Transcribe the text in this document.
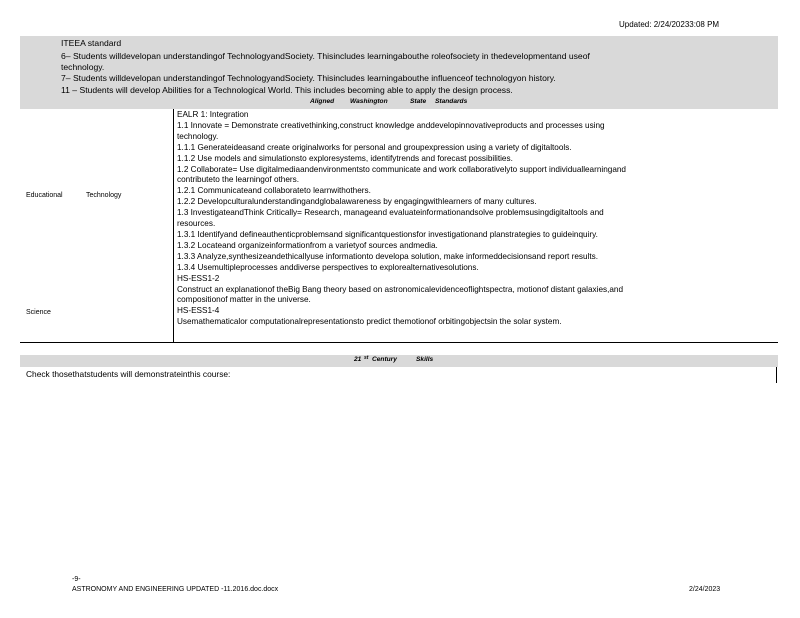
Updated: 2/24/20233:08 PM
ITEEA standard
6– Students willdevelopan understandingof TechnologyandSociety. Thisincludes learningabouthe roleofsociety in thedevelopmentand useof
technology.
7– Students willdevelopan understandingof TechnologyandSociety. Thisincludes learningabouthe influenceof technologyon history.
11 – Students will develop Abilities for a Technological World. This includes becoming able to apply the design process.
Aligned Washington	State Standards
Educational	Technology
Science
EALR 1: Integration
1.1 Innovate = Demonstrate creativethinking,construct knowledge anddevelopinnovativeproducts and processes using
technology.
1.1.1 Generateideasand create originalworks for personal and groupexpression using a variety of digitaltools.
1.1.2 Use models and simulationsto exploresystems, identifytrends and forecast possibilities.
1.2 Collaborate= Use digitalmediaandenvironmentsto communicate and work collaborativelyto support individuallearningand
contributeto the learningof others.
1.2.1 Communicateand collaborateto learnwithothers.
1.2.2 Developculturalunderstandingandglobalawareness by engagingwithlearners of many cultures.
1.3 InvestigateandThink Critically= Research, manageand evaluateinformationandsolve problemsusingdigitaltools and
resources.
1.3.1 Identifyand defineauthenticproblemsand significantquestionsfor investigationand planstrategies to guideinquiry.
1.3.2 Locateand organizeinformationfrom a varietyof sources andmedia.
1.3.3 Analyze,synthesizeandethicallyuse informationto developa solution, make informeddecisionsand report results.
1.3.4 Usemultipleprocesses anddiverse perspectives to explorealternativesolutions.
HS-ESS1-2
Construct an explanationof theBig Bang theory based on astronomicalevidenceoflightspectra, motionof distant galaxies,and
compositionof matter in the universe.
HS-ESS1-4
Usemathematicalor computationalrepresentationsto predict themotionof orbitingobjectsin the solar system.
21 st Century	Skills
Check thosethatstudents will demonstrateinthis course:
-9-
ASTRONOMY AND ENGINEERING UPDATED -11.2016.doc.docx	2/24/2023
